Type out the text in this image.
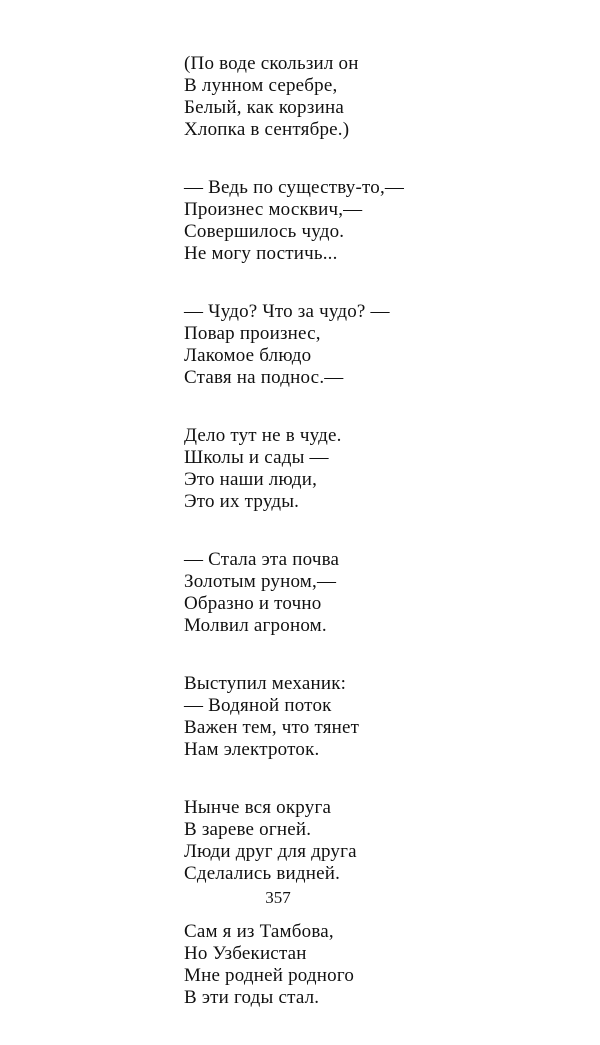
(По воде скользил он
В лунном серебре,
Белый, как корзина
Хлопка в сентябре.)
— Ведь по существу-то,—
Произнес москвич,—
Совершилось чудо.
Не могу постичь...
— Чудо? Что за чудо? —
Повар произнес,
Лакомое блюдо
Ставя на поднос.—
Дело тут не в чуде.
Школы и сады —
Это наши люди,
Это их труды.
— Стала эта почва
Золотым руном,—
Образно и точно
Молвил агроном.
Выступил механик:
— Водяной поток
Важен тем, что тянет
Нам электроток.
Нынче вся округа
В зареве огней.
Люди друг для друга
Сделались видней.
Сам я из Тамбова,
Но Узбекистан
Мне родней родного
В эти годы стал.
357
